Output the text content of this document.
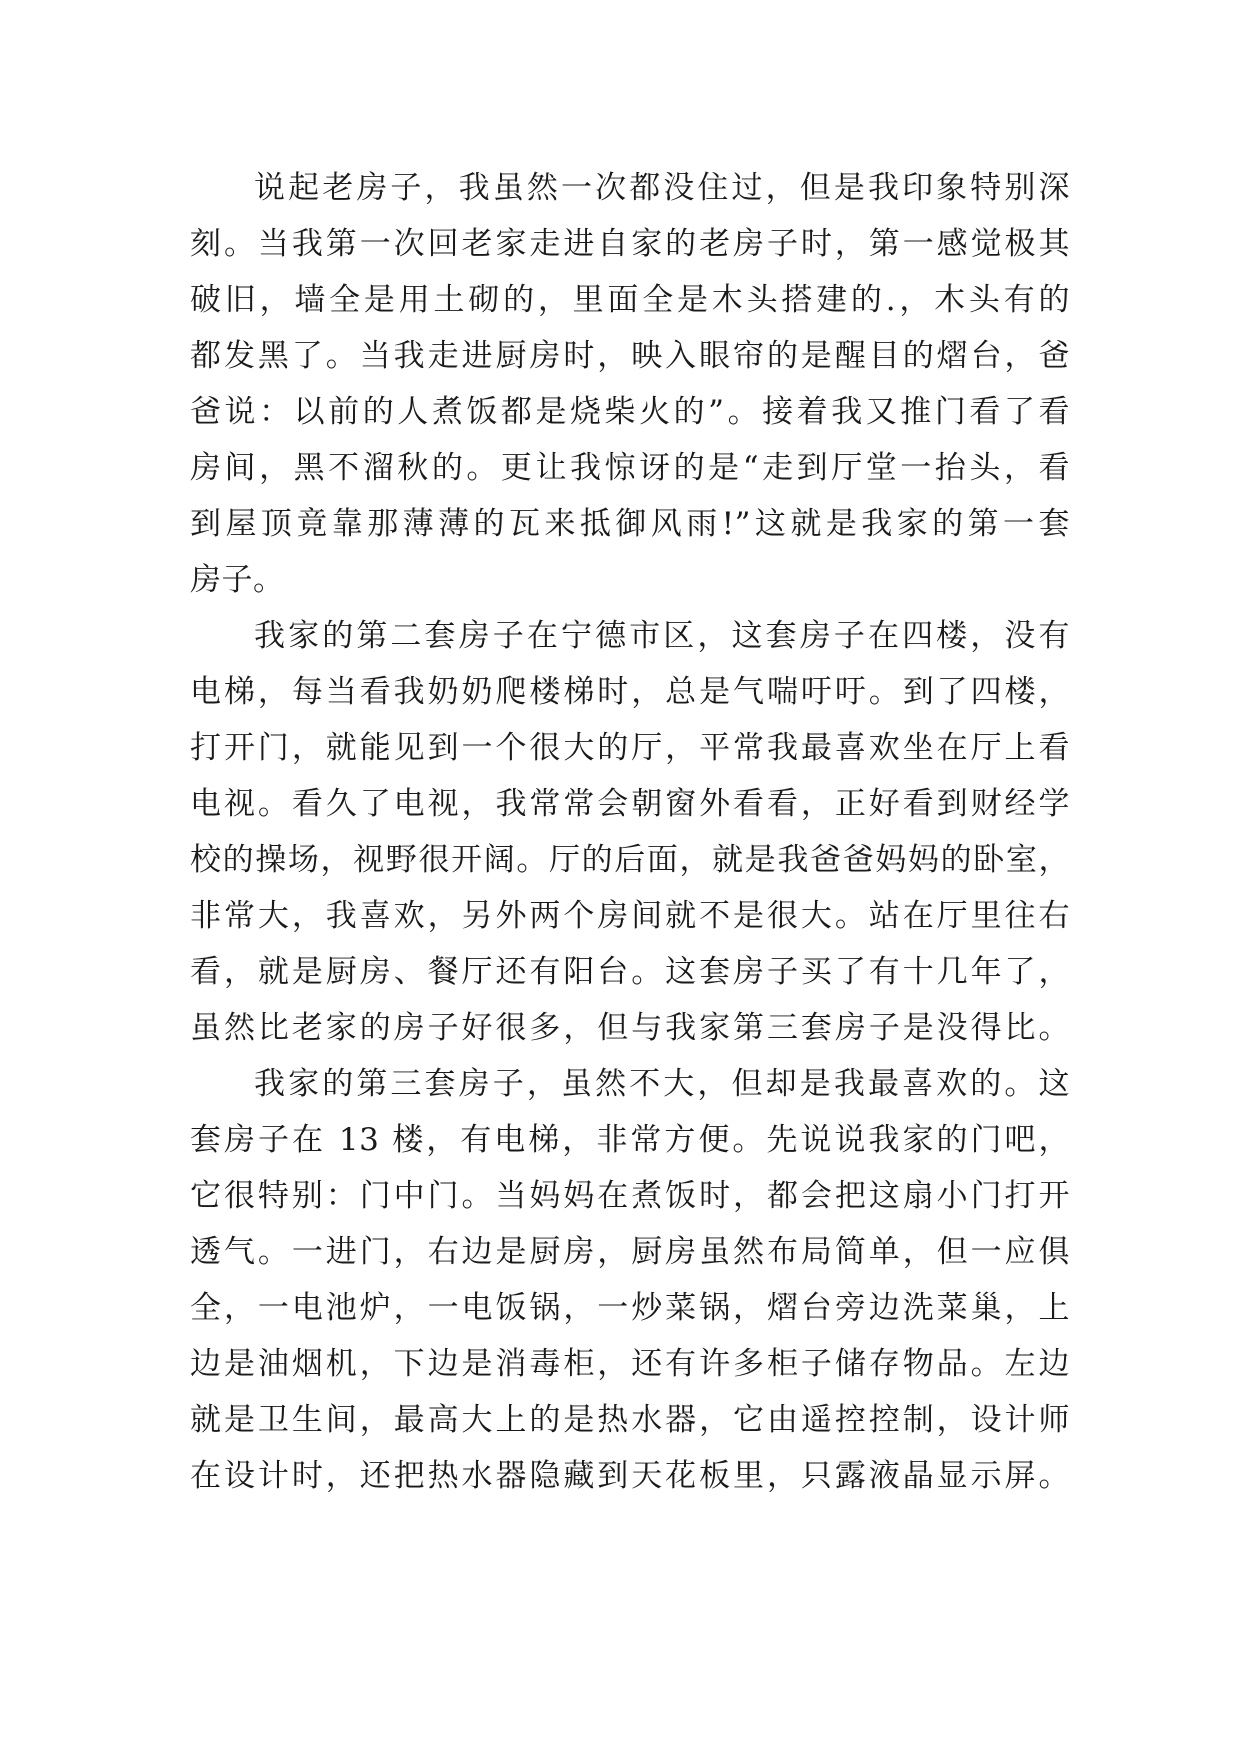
说起老房子，我虽然一次都没住过，但是我印象特别深
刻。当我第一次回老家走进自家的老房子时，第一感觉极其
破旧，墙全是用土砌的，里面全是木头搭建的.，木头有的
都发黑了。当我走进厨房时，映入眼帘的是醒目的熠台，爸
爸说：以前的人煮饭都是烧柴火的”。接着我又推门看了看
房间，黑不溜秋的。更让我惊讶的是“走到厅堂一抬头，看
到屋顶竟靠那薄薄的瓦来抵御风雨!”这就是我家的第一套
房子。
我家的第二套房子在宁德市区，这套房子在四楼，没有
电梯，每当看我奶奶爬楼梯时，总是气喘吁吁。到了四楼，
打开门，就能见到一个很大的厅，平常我最喜欢坐在厅上看
电视。看久了电视，我常常会朝窗外看看，正好看到财经学
校的操场，视野很开阔。厅的后面，就是我爸爸妈妈的卧室，
非常大，我喜欢，另外两个房间就不是很大。站在厅里往右
看，就是厨房、餐厅还有阳台。这套房子买了有十几年了，
虽然比老家的房子好很多，但与我家第三套房子是没得比。
我家的第三套房子，虽然不大，但却是我最喜欢的。这
套房子在 13 楼，有电梯，非常方便。先说说我家的门吧，
它很特别：门中门。当妈妈在煮饭时，都会把这扇小门打开
透气。一进门，右边是厨房，厨房虽然布局简单，但一应俱
全，一电池炉，一电饭锅，一炒菜锅，熠台旁边洗菜巢，上
边是油烟机，下边是消毒柜，还有许多柜子储存物品。左边
就是卫生间，最高大上的是热水器，它由遥控控制，设计师
在设计时，还把热水器隐藏到天花板里，只露液晶显示屏。
